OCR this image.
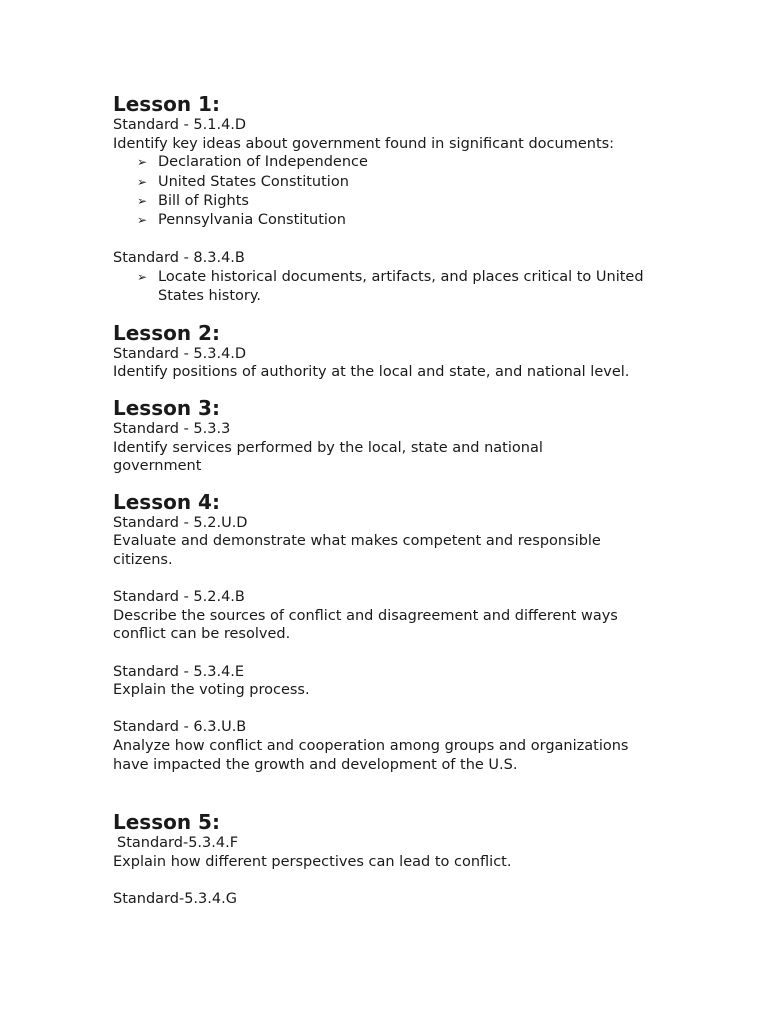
Lesson 1:

Standard - 5.1.4.D

Identify key ideas about government found in significant documents:

➢ Declaration of Independence
➢ United States Constitution
➢ Bill of Rights
➢ Pennsylvania Constitution

Standard - 8.3.4.B

➢ Locate historical documents, artifacts, and places critical to United States history.
Lesson 2:

Standard - 5.3.4.D

Identify positions of authority at the local and state, and national level.

Lesson 3:

Standard - 5.3.3

Identify services performed by the local, state and national government

Lesson 4:

Standard - 5.2.U.D

Evaluate and demonstrate what makes competent and responsible citizens.

Standard - 5.2.4.B

Describe the sources of conflict and disagreement and different ways conflict can be resolved.

Standard - 5.3.4.E

Explain the voting process.

Standard - 6.3.U.B

Analyze how conflict and cooperation among groups and organizations have impacted the growth and development of the U.S.

Lesson 5:

Standard-5.3.4.F

Explain how different perspectives can lead to conflict.

Standard-5.3.4.G
